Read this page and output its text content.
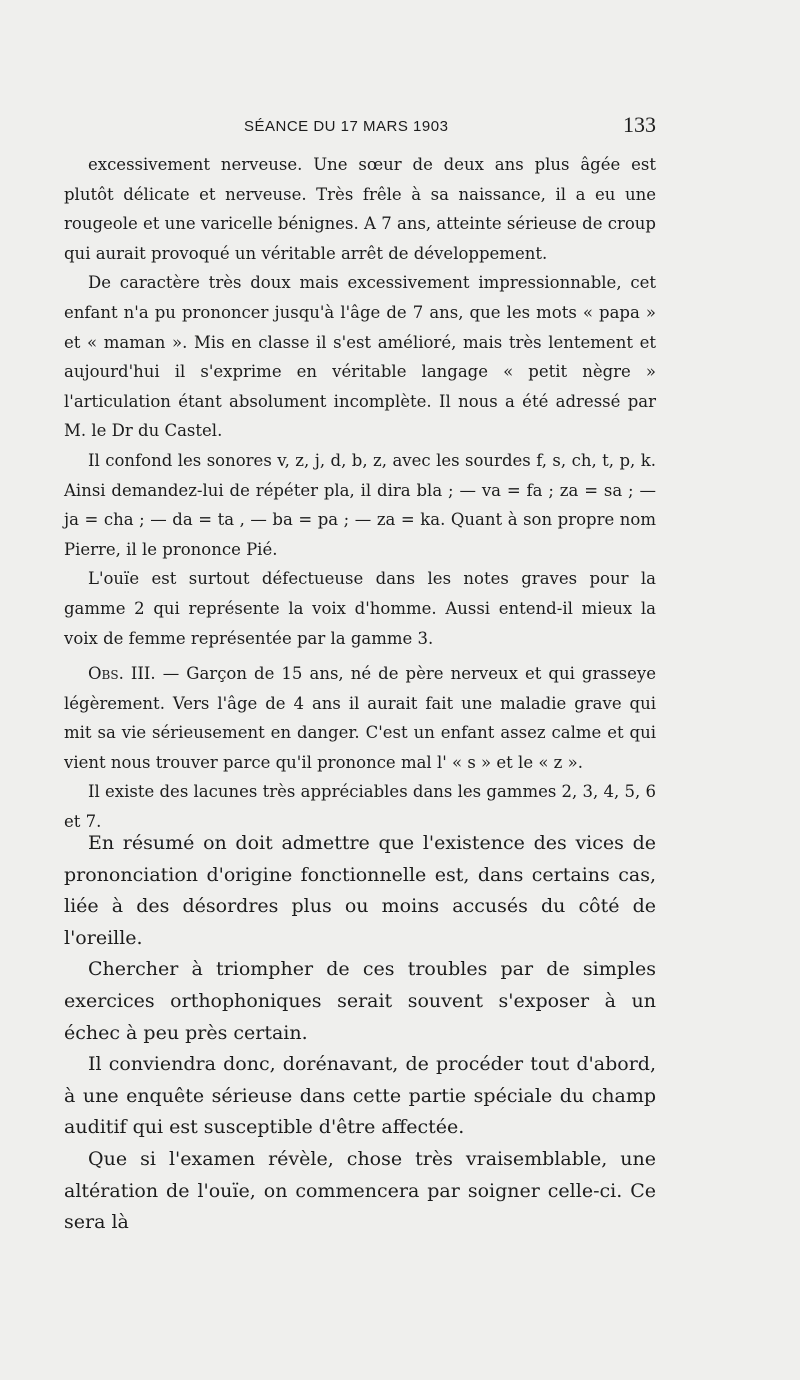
SÉANCE DU 17 MARS 1903	133

excessivement nerveuse. Une sœur de deux ans plus âgée est plutôt délicate et nerveuse. Très frêle à sa naissance, il a eu une rougeole et une varicelle bénignes. A 7 ans, atteinte sérieuse de croup qui aurait provoqué un véritable arrêt de développement.

De caractère très doux mais excessivement impressionnable, cet enfant n'a pu prononcer jusqu'à l'âge de 7 ans, que les mots « papa » et « maman ». Mis en classe il s'est amélioré, mais très lentement et aujourd'hui il s'exprime en véritable langage « petit nègre » l'articulation étant absolument incomplète. Il nous a été adressé par M. le Dr du Castel.

Il confond les sonores v, z, j, d, b, z, avec les sourdes f, s, ch, t, p, k. Ainsi demandez-lui de répéter pla, il dira bla ; — va = fa ; za = sa ; — ja = cha ; — da = ta , — ba = pa ; — za = ka. Quant à son propre nom Pierre, il le prononce Pié.

L'ouïe est surtout défectueuse dans les notes graves pour la gamme 2 qui représente la voix d'homme. Aussi entend-il mieux la voix de femme représentée par la gamme 3.

Obs. III. — Garçon de 15 ans, né de père nerveux et qui grasseye légèrement. Vers l'âge de 4 ans il aurait fait une maladie grave qui mit sa vie sérieusement en danger. C'est un enfant assez calme et qui vient nous trouver parce qu'il prononce mal l' « s » et le « z ».

Il existe des lacunes très appréciables dans les gammes 2, 3, 4, 5, 6 et 7.

En résumé on doit admettre que l'existence des vices de prononciation d'origine fonctionnelle est, dans certains cas, liée à des désordres plus ou moins accusés du côté de l'oreille.

Chercher à triompher de ces troubles par de simples exercices orthophoniques serait souvent s'exposer à un échec à peu près certain.

Il conviendra donc, dorénavant, de procéder tout d'abord, à une enquête sérieuse dans cette partie spéciale du champ auditif qui est susceptible d'être affectée.

Que si l'examen révèle, chose très vraisemblable, une altération de l'ouïe, on commencera par soigner celle-ci. Ce sera là
